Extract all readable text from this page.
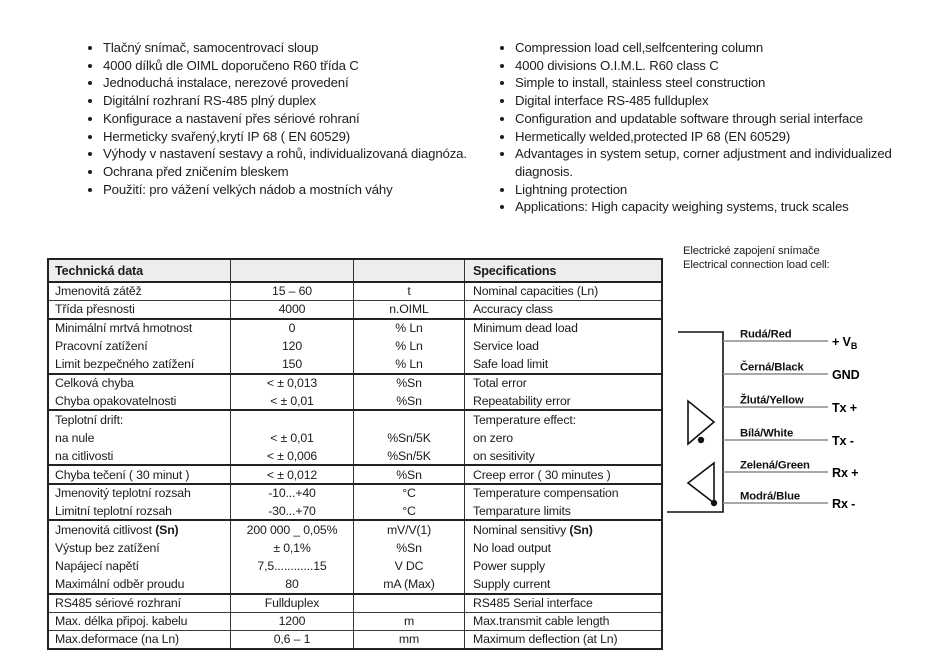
• Tlačný snímač, samocentrovací sloup
• 4000 dílků dle OIML doporučeno R60 třída C
• Jednoduchá instalace, nerezové provedení
• Digitální rozhraní RS-485 plný duplex
• Konfigurace a nastavení přes sériové rohraní
• Hermeticky svařený,krytí IP 68 ( EN 60529)
• Výhody v nastavení sestavy a rohů, individualizovaná diagnóza.
• Ochrana před zničením bleskem
• Použití: pro vážení velkých nádob a mostních váhy
• Compression load cell,selfcentering column
• 4000 divisions O.I.M.L. R60 class C
• Simple to install, stainless steel construction
• Digital interface RS-485 fullduplex
• Configuration and updatable software through serial interface
• Hermetically welded,protected IP 68 (EN 60529)
• Advantages in system setup, corner adjustment and individualized diagnosis.
• Lightning protection
• Applications: High capacity weighing systems, truck scales
Technická data			Specifications
Jmenovitá zátěž	15 – 60	t	Nominal capacities (Ln)
Třída přesnosti	4000	n.OIML	Accuracy class
Minimální mrtvá hmotnost	0	% Ln	Minimum dead load
Pracovní zatížení	120	% Ln	Service load
Limit bezpečného zatížení	150	% Ln	Safe load limit
Celková chyba	< ± 0,013	%Sn	Total error
Chyba opakovatelnosti	< ± 0,01	%Sn	Repeatability error
Teplotní drift:			Temperature effect:
na nule	< ± 0,01	%Sn/5K	on zero
na citlivosti	< ± 0,006	%Sn/5K	on sesitivity
Chyba tečení ( 30 minut )	< ± 0,012	%Sn	Creep error ( 30 minutes )
Jmenovitý teplotní rozsah	-10...+40	°C	Temperature compensation
Limitní teplotní rozsah	-30...+70	°C	Temparature limits
Jmenovitá citlivost (Sn)	200 000 _ 0,05%	mV/V(1)	Nominal sensitivy (Sn)
Výstup bez zatížení	± 0,1%	%Sn	No load output
Napájecí napětí	7,5............15	V DC	Power supply
Maximální odběr proudu	80	mA (Max)	Supply current
RS485 sériové rozhraní	Fullduplex		RS485 Serial interface
Max. délka připoj. kabelu	1200	m	Max.transmit cable length
Max.deformace (na Ln)	0,6 – 1	mm	Maximum deflection (at Ln)
Electrické zapojení snímače
Electrical connection load cell:
Rudá/Red
+ $V_B$
Černá/Black
GND
Žlutá/Yellow
Tx +
Bílá/White
Tx -
Zelená/Green
Rx +
Modrá/Blue
Rx -
